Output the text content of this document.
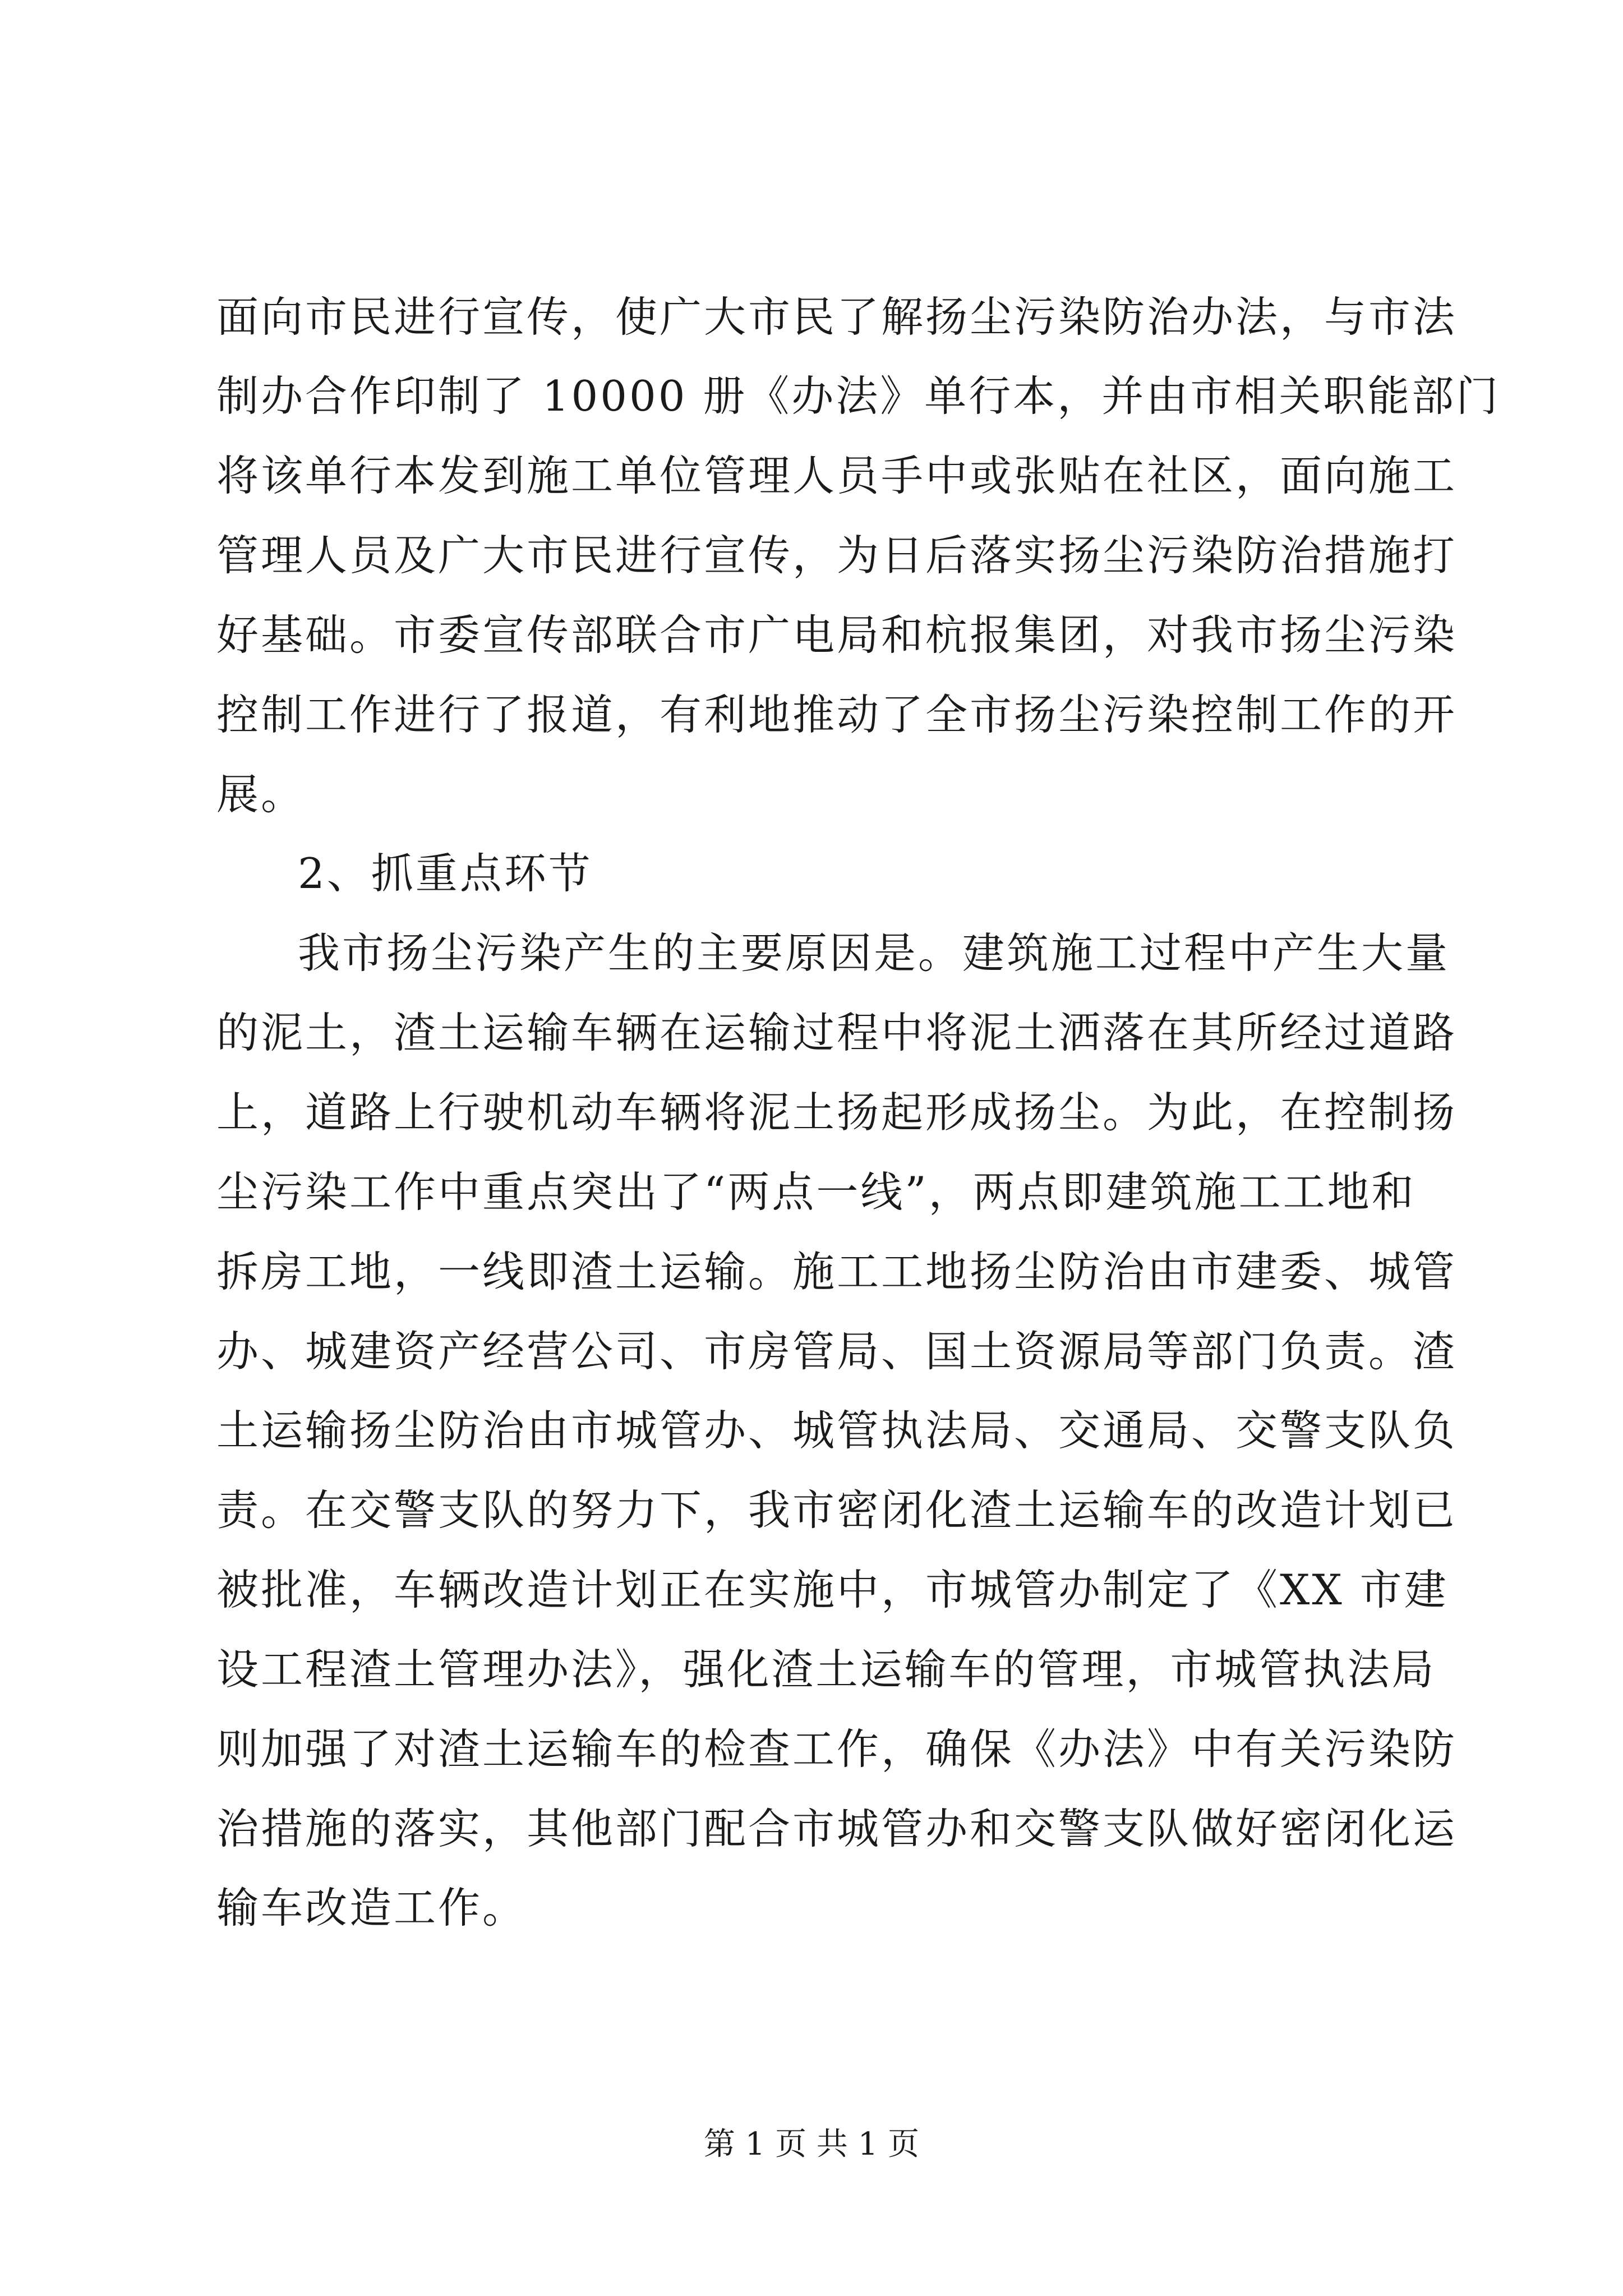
面向市民进行宣传，使广大市民了解扬尘污染防治办法，与市法
制办合作印制了 10000 册《办法》单行本，并由市相关职能部门
将该单行本发到施工单位管理人员手中或张贴在社区，面向施工
管理人员及广大市民进行宣传，为日后落实扬尘污染防治措施打
好基础。市委宣传部联合市广电局和杭报集团，对我市扬尘污染
控制工作进行了报道，有利地推动了全市扬尘污染控制工作的开
展。
2、抓重点环节
我市扬尘污染产生的主要原因是。建筑施工过程中产生大量
的泥土，渣土运输车辆在运输过程中将泥土洒落在其所经过道路
上，道路上行驶机动车辆将泥土扬起形成扬尘。为此，在控制扬
尘污染工作中重点突出了“两点一线”，两点即建筑施工工地和
拆房工地，一线即渣土运输。施工工地扬尘防治由市建委、城管
办、城建资产经营公司、市房管局、国土资源局等部门负责。渣
土运输扬尘防治由市城管办、城管执法局、交通局、交警支队负
责。在交警支队的努力下，我市密闭化渣土运输车的改造计划已
被批准，车辆改造计划正在实施中，市城管办制定了《XX 市建
设工程渣土管理办法》，强化渣土运输车的管理，市城管执法局
则加强了对渣土运输车的检查工作，确保《办法》中有关污染防
治措施的落实，其他部门配合市城管办和交警支队做好密闭化运
输车改造工作。
第 1 页 共 1 页
